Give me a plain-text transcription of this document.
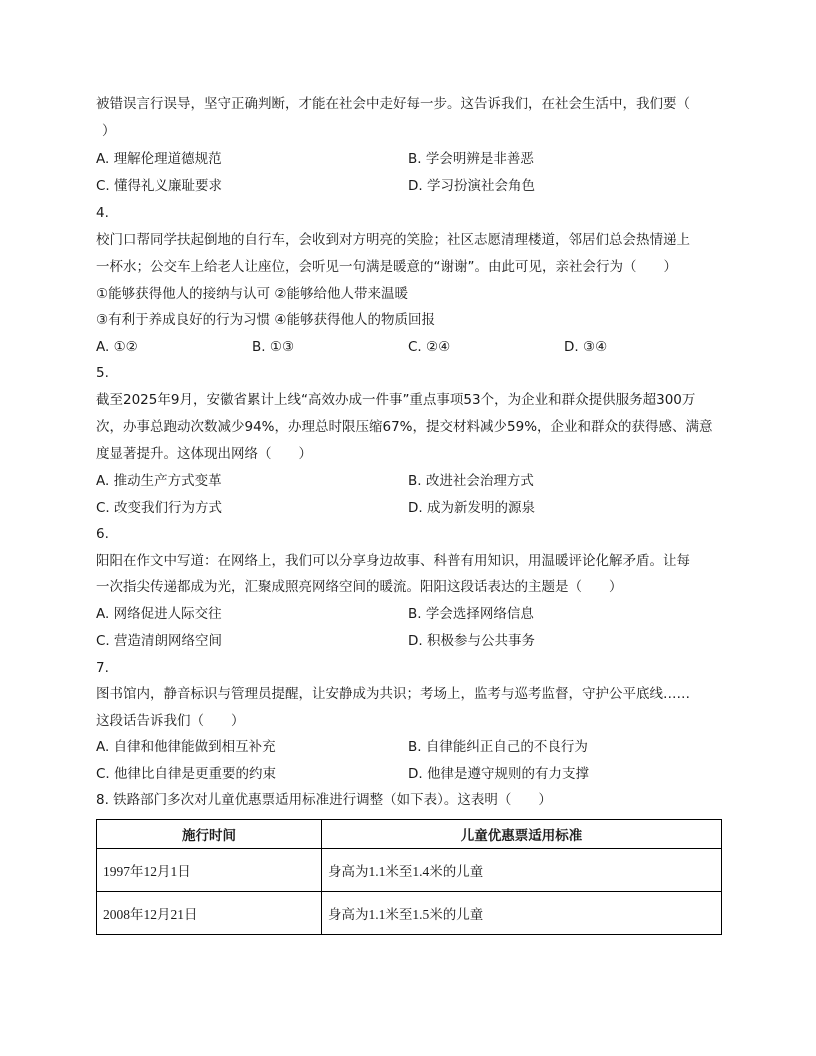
被错误言行误导，坚守正确判断，才能在社会中走好每一步。这告诉我们，在社会生活中，我们要（
）
A. 理解伦理道德规范	B. 学会明辨是非善恶
C. 懂得礼义廉耻要求	D. 学习扮演社会角色
4.
校门口帮同学扶起倒地的自行车，会收到对方明亮的笑脸；社区志愿清理楼道，邻居们总会热情递上
一杯水；公交车上给老人让座位，会听见一句满是暖意的“谢谢”。由此可见，亲社会行为（　　）
①能够获得他人的接纳与认可 ②能够给他人带来温暖
③有利于养成良好的行为习惯 ④能够获得他人的物质回报
A. ①②	B. ①③	C. ②④	D. ③④
5.
截至2025年9月，安徽省累计上线“高效办成一件事”重点事项53个，为企业和群众提供服务超300万
次，办事总跑动次数减少94%，办理总时限压缩67%，提交材料减少59%，企业和群众的获得感、满意
度显著提升。这体现出网络（　　）
A. 推动生产方式变革	B. 改进社会治理方式
C. 改变我们行为方式	D. 成为新发明的源泉
6.
阳阳在作文中写道：在网络上，我们可以分享身边故事、科普有用知识，用温暖评论化解矛盾。让每
一次指尖传递都成为光，汇聚成照亮网络空间的暖流。阳阳这段话表达的主题是（　　）
A. 网络促进人际交往	B. 学会选择网络信息
C. 营造清朗网络空间	D. 积极参与公共事务
7.
图书馆内，静音标识与管理员提醒，让安静成为共识；考场上，监考与巡考监督，守护公平底线……
这段话告诉我们（　　）
A. 自律和他律能做到相互补充	B. 自律能纠正自己的不良行为
C. 他律比自律是更重要的约束	D. 他律是遵守规则的有力支撑
8. 铁路部门多次对儿童优惠票适用标准进行调整（如下表）。这表明（　　）
施行时间	儿童优惠票适用标准
1997年12月1日	身高为1.1米至1.4米的儿童
2008年12月21日	身高为1.1米至1.5米的儿童
